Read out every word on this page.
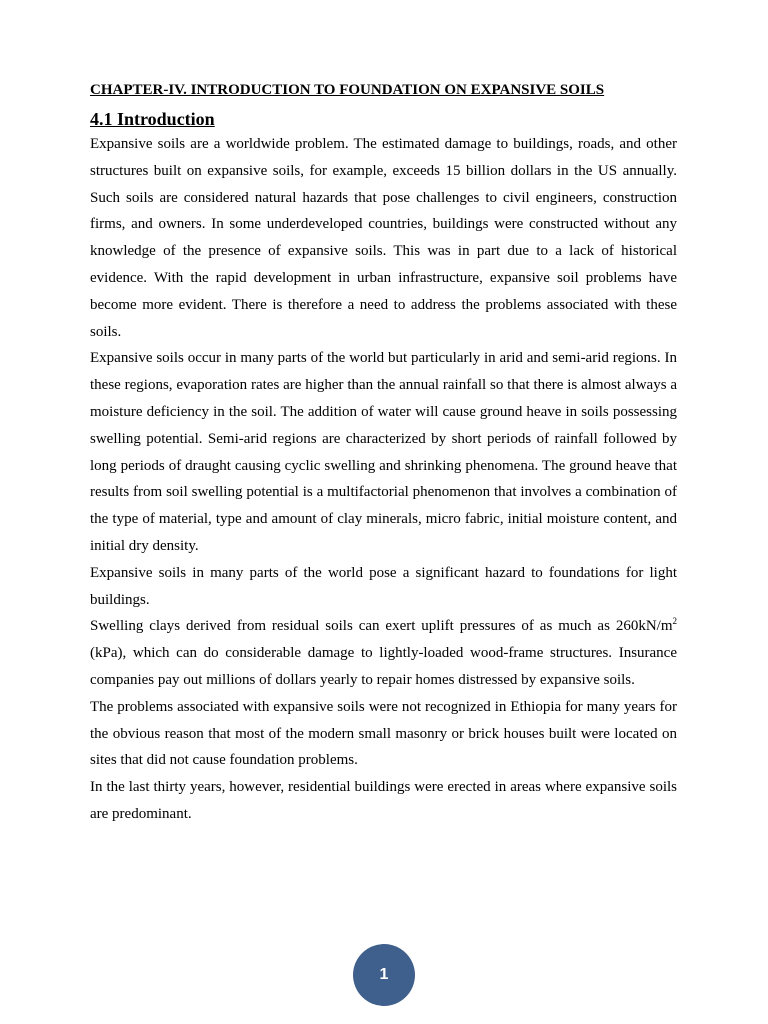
CHAPTER-IV. INTRODUCTION TO FOUNDATION ON EXPANSIVE SOILS
4.1 Introduction

Expansive soils are a worldwide problem. The estimated damage to buildings, roads, and other structures built on expansive soils, for example, exceeds 15 billion dollars in the US annually. Such soils are considered natural hazards that pose challenges to civil engineers, construction firms, and owners. In some underdeveloped countries, buildings were constructed without any knowledge of the presence of expansive soils. This was in part due to a lack of historical evidence. With the rapid development in urban infrastructure, expansive soil problems have become more evident. There is therefore a need to address the problems associated with these soils.

Expansive soils occur in many parts of the world but particularly in arid and semi-arid regions. In these regions, evaporation rates are higher than the annual rainfall so that there is almost always a moisture deficiency in the soil. The addition of water will cause ground heave in soils possessing swelling potential. Semi-arid regions are characterized by short periods of rainfall followed by long periods of draught causing cyclic swelling and shrinking phenomena. The ground heave that results from soil swelling potential is a multifactorial phenomenon that involves a combination of the type of material, type and amount of clay minerals, micro fabric, initial moisture content, and initial dry density.

Expansive soils in many parts of the world pose a significant hazard to foundations for light buildings.

Swelling clays derived from residual soils can exert uplift pressures of as much as $260kN/m^2$ (kPa), which can do considerable damage to lightly-loaded wood-frame structures. Insurance companies pay out millions of dollars yearly to repair homes distressed by expansive soils.

The problems associated with expansive soils were not recognized in Ethiopia for many years for the obvious reason that most of the modern small masonry or brick houses built were located on sites that did not cause foundation problems.

In the last thirty years, however, residential buildings were erected in areas where expansive soils are predominant.

1
